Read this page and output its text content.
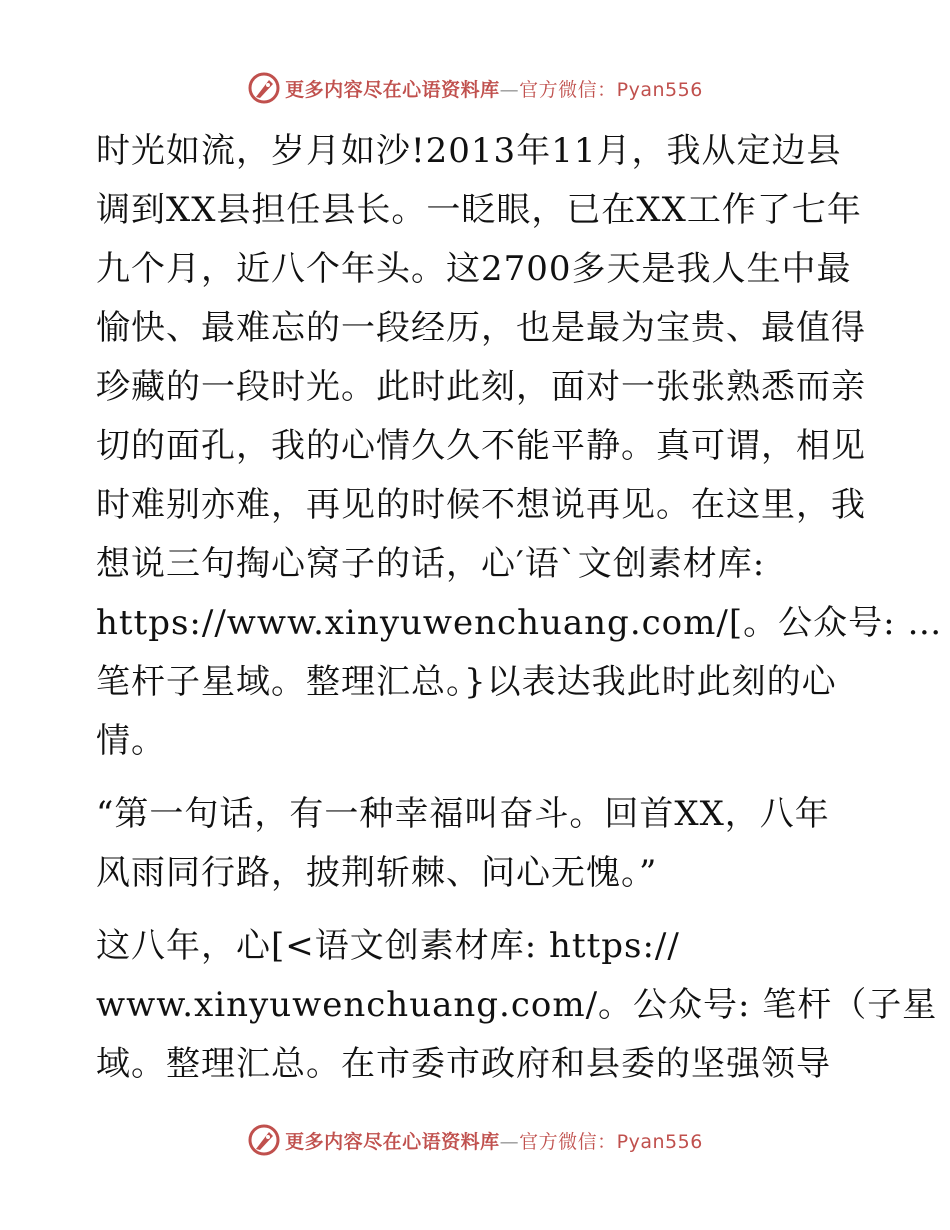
更多内容尽在心语资料库—官方微信：Pyan556
时光如流，岁月如沙!2013年11月，我从定边县
调到XX县担任县长。一眨眼，已在XX工作了七年
九个月，近八个年头。这2700多天是我人生中最
愉快、最难忘的一段经历，也是最为宝贵、最值得
珍藏的一段时光。此时此刻，面对一张张熟悉而亲
切的面孔，我的心情久久不能平静。真可谓，相见
时难别亦难，再见的时候不想说再见。在这里，我
想说三句掏心窝子的话，心′语`文创素材库:
https://www.xinyuwenchuang.com/[。公众号: …
笔杆子星域。整理汇总。}以表达我此时此刻的心
情。
“第一句话，有一种幸福叫奋斗。回首XX，八年
风雨同行路，披荆斩棘、问心无愧。”
这八年，心[<语文创素材库: https://
www.xinyuwenchuang.com/。公众号: 笔杆（子星
域。整理汇总。在市委市政府和县委的坚强领导
更多内容尽在心语资料库—官方微信：Pyan556
